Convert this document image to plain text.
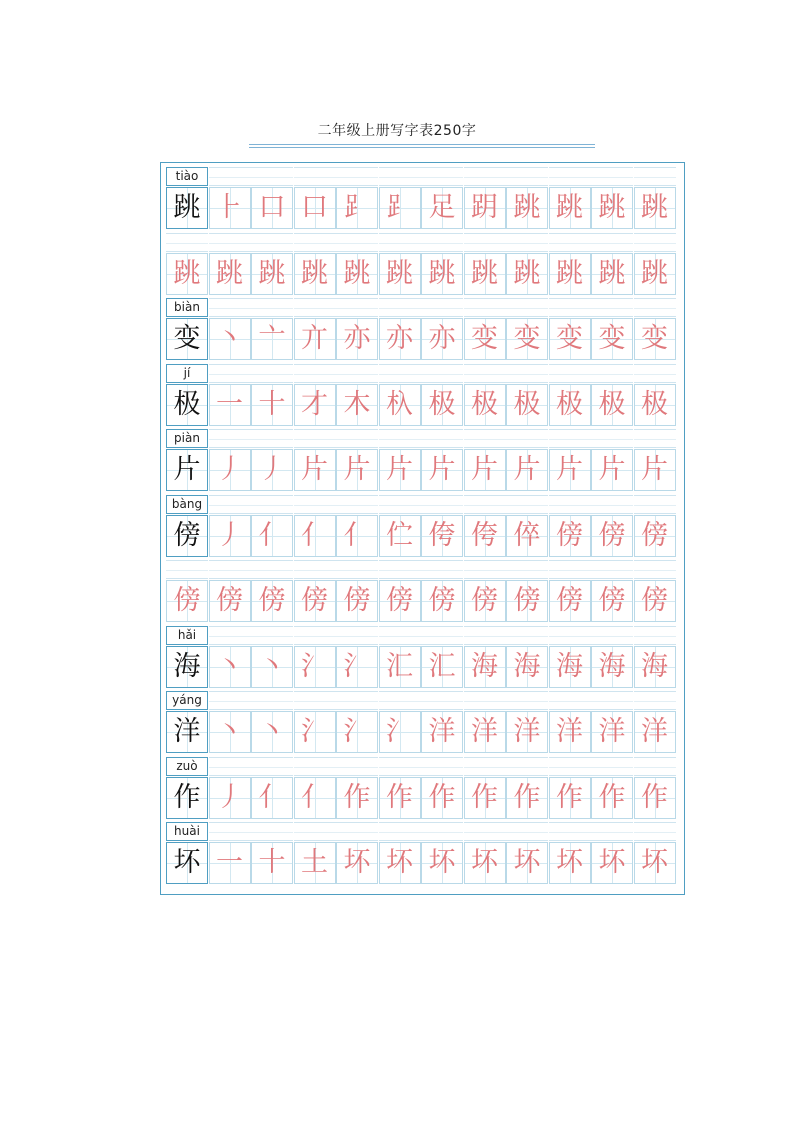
二年级上册写字表250字
tiào
跳 ⺊ 口 口 ⻊ ⻊ 足 跀 跳 跳 跳 跳
跳 跳 跳 跳 跳 跳 跳 跳 跳 跳 跳 跳
biàn
变 丶 亠 亣 亦 亦 亦 变 变 变 变 变
jí
极 一 十 才 木 杁 极 极 极 极 极 极
piàn
片 丿 丿 片 片 片 片 片 片 片 片 片
bàng
傍 丿 亻 亻 亻 伫 侉 侉 倅 傍 傍 傍
傍 傍 傍 傍 傍 傍 傍 傍 傍 傍 傍 傍
hǎi
海 丶 丶 氵 氵 汇 汇 海 海 海 海 海
yáng
洋 丶 丶 氵 氵 氵 洋 洋 洋 洋 洋 洋
zuò
作 丿 亻 亻 作 作 作 作 作 作 作 作
huài
坏 一 十 土 坏 坏 坏 坏 坏 坏 坏 坏
